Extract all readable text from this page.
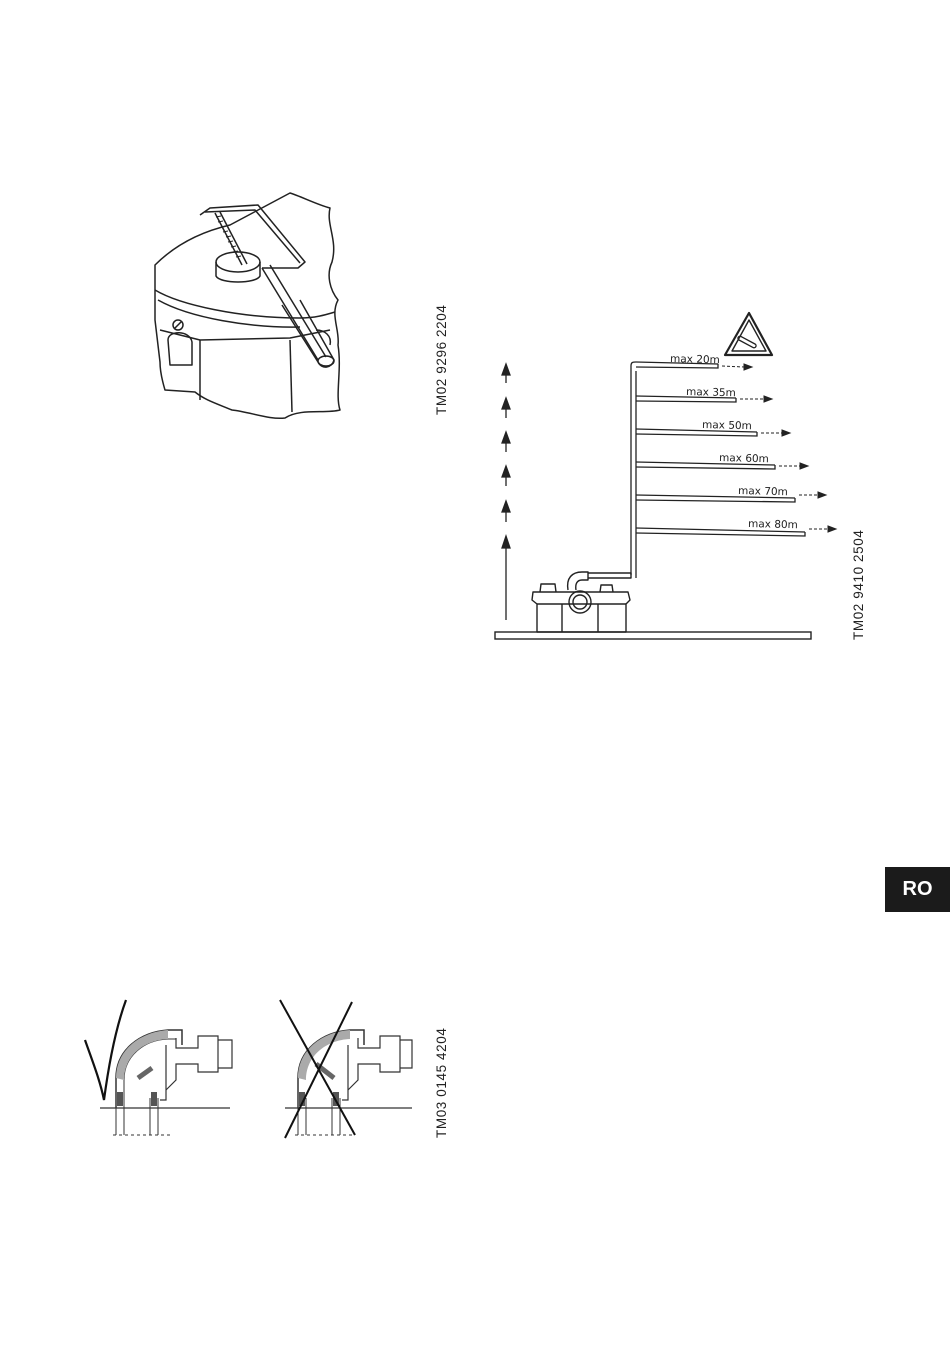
TM02 9296 2204	max 20m
max 35m
max 50m
max 60m
max 70m
max 80m
TM02 9410 2504
TM03 0145 4204
RO
